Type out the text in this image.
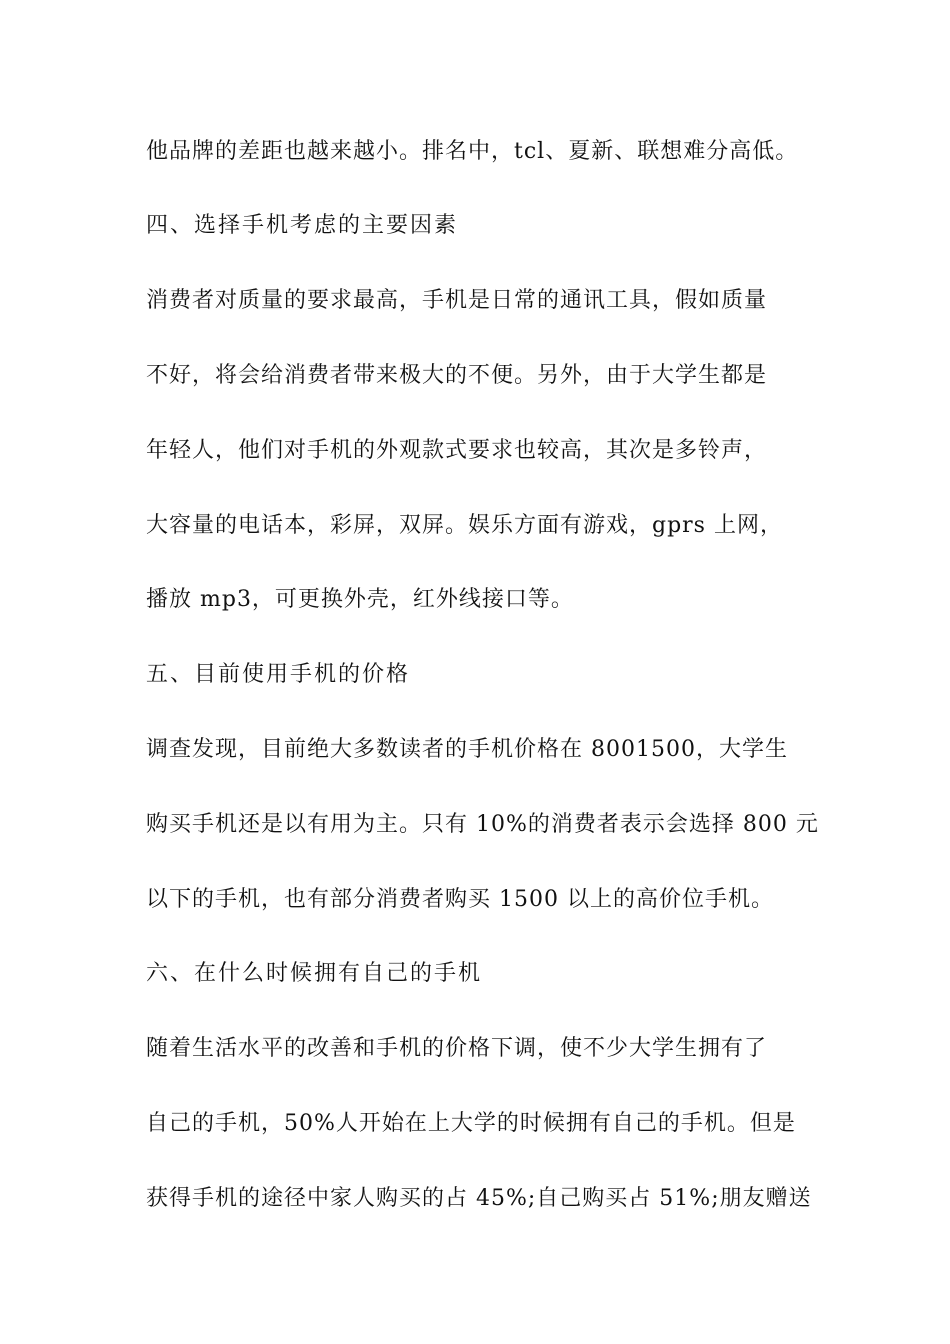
他品牌的差距也越来越小。排名中，tcl、夏新、联想难分高低。
四、选择手机考虑的主要因素
消费者对质量的要求最高，手机是日常的通讯工具，假如质量
不好，将会给消费者带来极大的不便。另外，由于大学生都是
年轻人，他们对手机的外观款式要求也较高，其次是多铃声，
大容量的电话本，彩屏，双屏。娱乐方面有游戏，gprs 上网，
播放 mp3，可更换外壳，红外线接口等。
五、目前使用手机的价格
调查发现，目前绝大多数读者的手机价格在 8001500，大学生
购买手机还是以有用为主。只有 10%的消费者表示会选择 800 元
以下的手机，也有部分消费者购买 1500 以上的高价位手机。
六、在什么时候拥有自己的手机
随着生活水平的改善和手机的价格下调，使不少大学生拥有了
自己的手机，50%人开始在上大学的时候拥有自己的手机。但是
获得手机的途径中家人购买的占 45%;自己购买占 51%;朋友赠送
